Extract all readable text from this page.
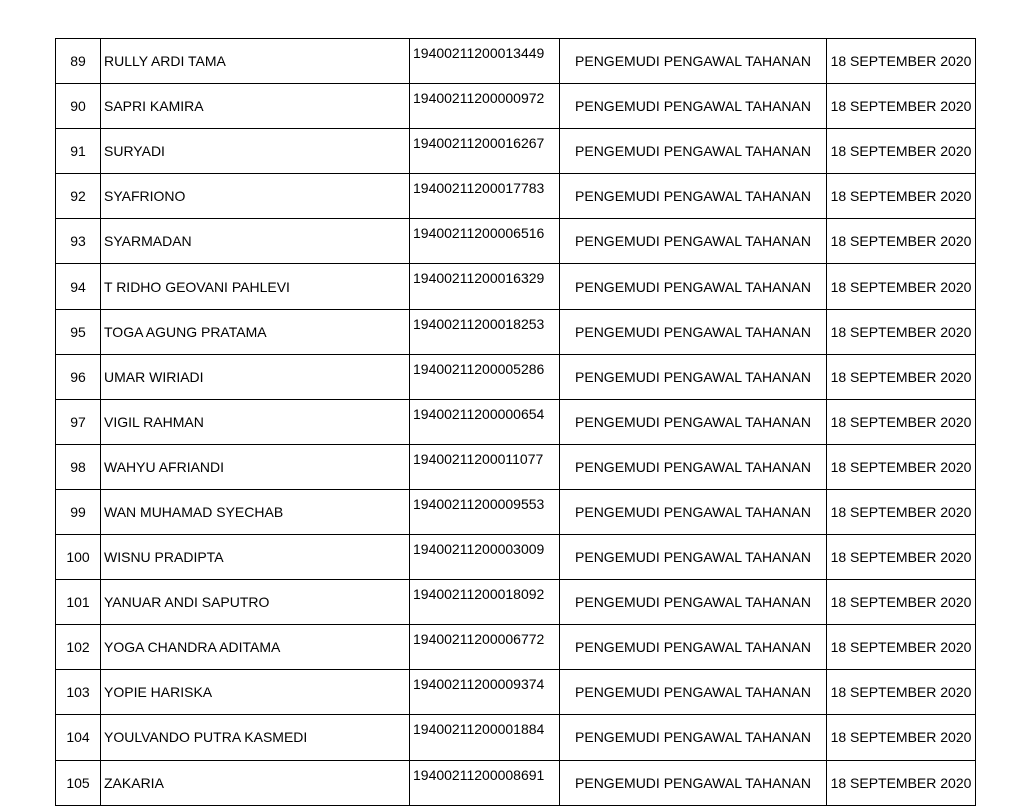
89	RULLY ARDI TAMA	19400211200013449	PENGEMUDI PENGAWAL TAHANAN	18 SEPTEMBER 2020
90	SAPRI KAMIRA	19400211200000972	PENGEMUDI PENGAWAL TAHANAN	18 SEPTEMBER 2020
91	SURYADI	19400211200016267	PENGEMUDI PENGAWAL TAHANAN	18 SEPTEMBER 2020
92	SYAFRIONO	19400211200017783	PENGEMUDI PENGAWAL TAHANAN	18 SEPTEMBER 2020
93	SYARMADAN	19400211200006516	PENGEMUDI PENGAWAL TAHANAN	18 SEPTEMBER 2020
94	T RIDHO GEOVANI PAHLEVI	19400211200016329	PENGEMUDI PENGAWAL TAHANAN	18 SEPTEMBER 2020
95	TOGA AGUNG PRATAMA	19400211200018253	PENGEMUDI PENGAWAL TAHANAN	18 SEPTEMBER 2020
96	UMAR WIRIADI	19400211200005286	PENGEMUDI PENGAWAL TAHANAN	18 SEPTEMBER 2020
97	VIGIL RAHMAN	19400211200000654	PENGEMUDI PENGAWAL TAHANAN	18 SEPTEMBER 2020
98	WAHYU AFRIANDI	19400211200011077	PENGEMUDI PENGAWAL TAHANAN	18 SEPTEMBER 2020
99	WAN MUHAMAD SYECHAB	19400211200009553	PENGEMUDI PENGAWAL TAHANAN	18 SEPTEMBER 2020
100	WISNU PRADIPTA	19400211200003009	PENGEMUDI PENGAWAL TAHANAN	18 SEPTEMBER 2020
101	YANUAR ANDI SAPUTRO	19400211200018092	PENGEMUDI PENGAWAL TAHANAN	18 SEPTEMBER 2020
102	YOGA CHANDRA ADITAMA	19400211200006772	PENGEMUDI PENGAWAL TAHANAN	18 SEPTEMBER 2020
103	YOPIE HARISKA	19400211200009374	PENGEMUDI PENGAWAL TAHANAN	18 SEPTEMBER 2020
104	YOULVANDO PUTRA KASMEDI	19400211200001884	PENGEMUDI PENGAWAL TAHANAN	18 SEPTEMBER 2020
105	ZAKARIA	19400211200008691	PENGEMUDI PENGAWAL TAHANAN	18 SEPTEMBER 2020
